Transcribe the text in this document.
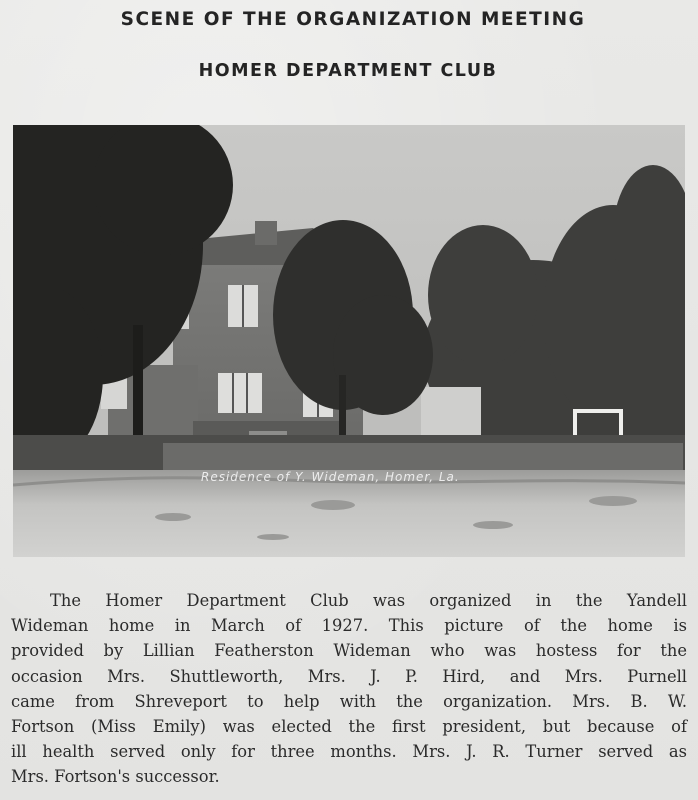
SCENE OF THE ORGANIZATION MEETING
HOMER DEPARTMENT CLUB
Residence of Y. Wideman, Homer, La.
The Homer Department Club was organized in the Yandell
Wideman home in March of 1927. This picture of the home is
provided by Lillian Featherston Wideman who was hostess for the
occasion Mrs. Shuttleworth, Mrs. J. P. Hird, and Mrs. Purnell
came from Shreveport to help with the organization. Mrs. B. W.
Fortson (Miss Emily) was elected the first president, but because of
ill health served only for three months. Mrs. J. R. Turner served as
Mrs. Fortson's successor.
